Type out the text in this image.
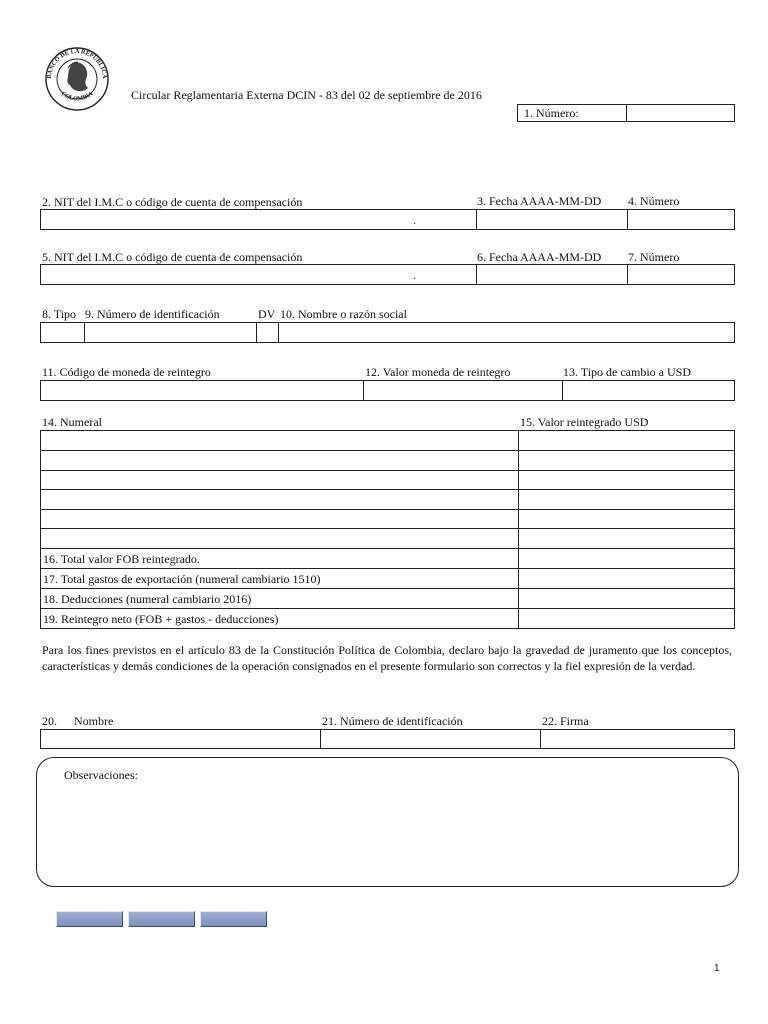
BANCO DE LA REPUBLICA
COLOMBIA	Circular Reglamentaria Externa DCIN - 83 del 02 de septiembre de 2016
1. Número:
2. NIT del I.M.C o código de cuenta de compensación	3. Fecha AAAA-MM-DD 4. Número
.
5. NIT del I.M.C o código de cuenta de compensación	6. Fecha AAAA-MM-DD 7. Número
.
8. Tipo 9. Número de identificación	DV 10. Nombre o razón social
11. Código de moneda de reintegro	12. Valor moneda de reintegro	13. Tipo de cambio a USD
14. Numeral	15. Valor reintegrado USD
16. Total valor FOB reintegrado.
17. Total gastos de exportación (numeral cambiario 1510)
18. Deducciones (numeral cambiario 2016)
19. Reintegro neto (FOB + gastos - deducciones)
Para los fines previstos en el artículo 83 de la Constitución Política de Colombia, declaro bajo la gravedad de juramento que los conceptos, características y demás condiciones de la operación consignados en el presente formulario son correctos y la fiel expresión de la verdad.
20. Nombre	21. Número de identificación	22. Firma
Observaciones:
1
